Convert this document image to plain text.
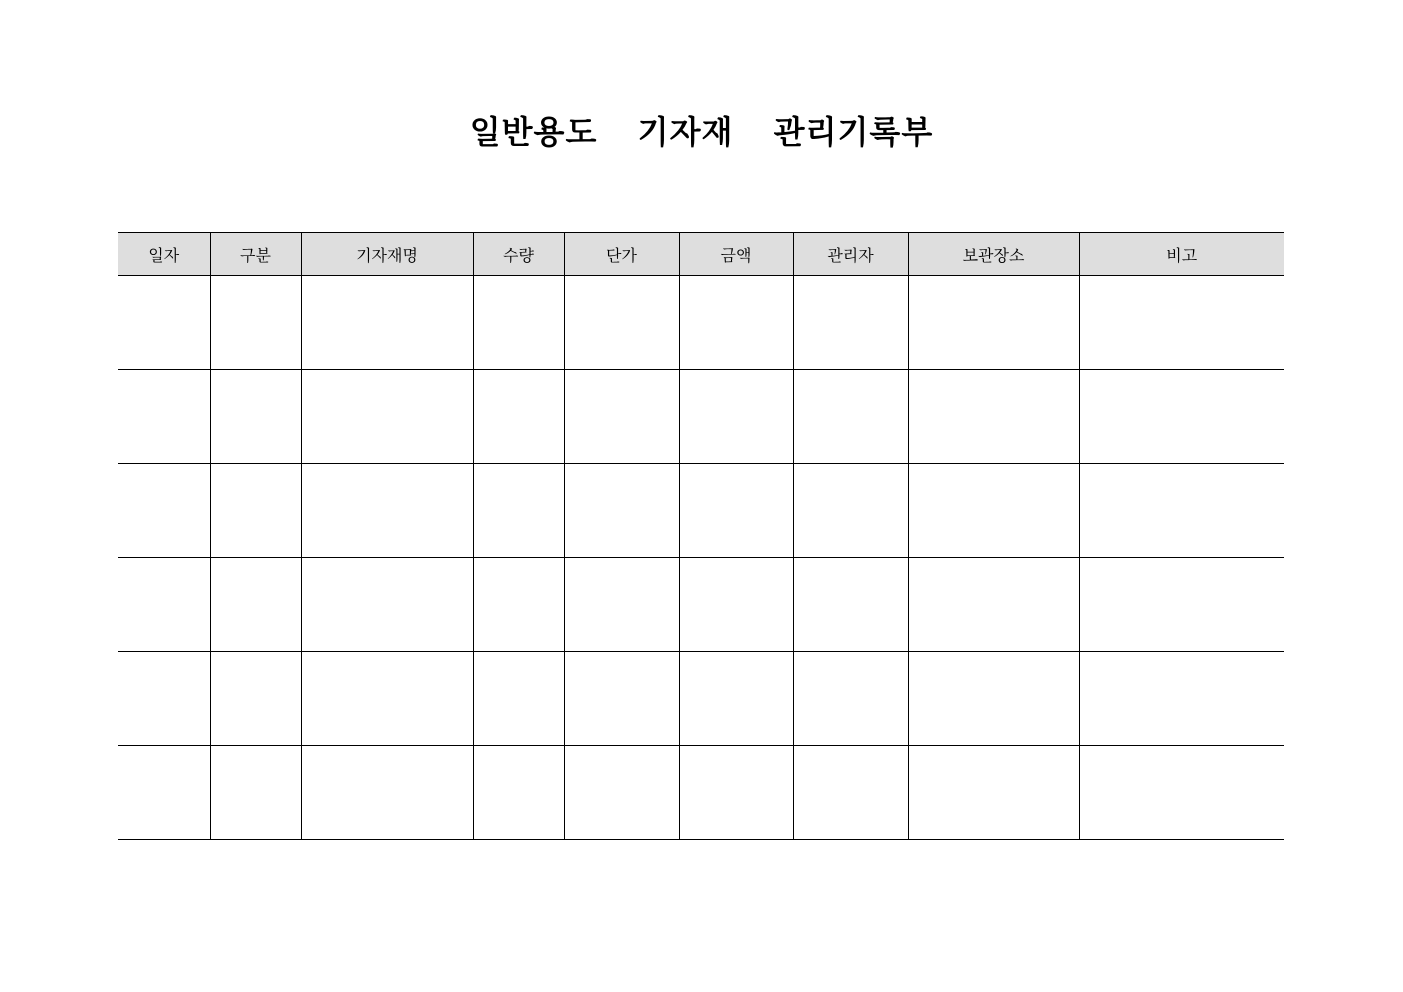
일반용도  기자재  관리기록부
일자	구분	기자재명	수량	단가	금액	관리자	보관장소	비고
